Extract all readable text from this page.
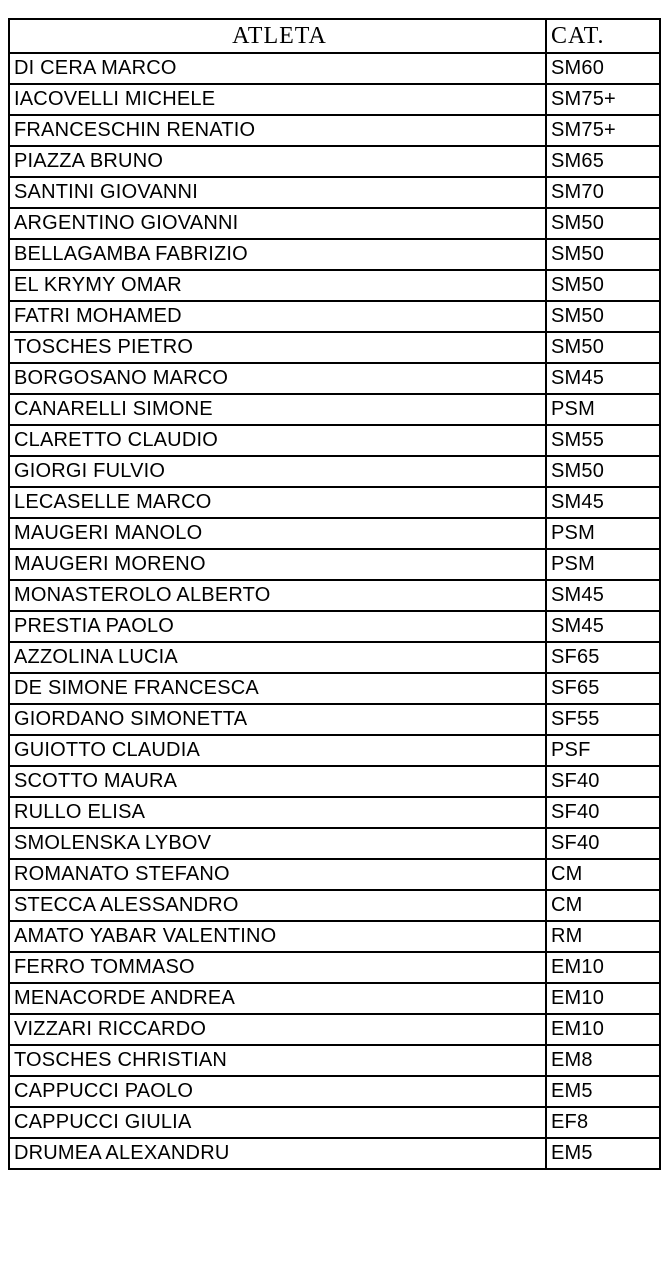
ATLETA	CAT.
DI CERA MARCO	SM60
IACOVELLI MICHELE	SM75+
FRANCESCHIN RENATIO	SM75+
PIAZZA BRUNO	SM65
SANTINI GIOVANNI	SM70
ARGENTINO GIOVANNI	SM50
BELLAGAMBA FABRIZIO	SM50
EL KRYMY OMAR	SM50
FATRI MOHAMED	SM50
TOSCHES PIETRO	SM50
BORGOSANO MARCO	SM45
CANARELLI SIMONE	PSM
CLARETTO CLAUDIO	SM55
GIORGI FULVIO	SM50
LECASELLE MARCO	SM45
MAUGERI MANOLO	PSM
MAUGERI MORENO	PSM
MONASTEROLO ALBERTO	SM45
PRESTIA PAOLO	SM45
AZZOLINA LUCIA	SF65
DE SIMONE FRANCESCA	SF65
GIORDANO SIMONETTA	SF55
GUIOTTO CLAUDIA	PSF
SCOTTO MAURA	SF40
RULLO ELISA	SF40
SMOLENSKA LYBOV	SF40
ROMANATO STEFANO	CM
STECCA ALESSANDRO	CM
AMATO YABAR VALENTINO	RM
FERRO TOMMASO	EM10
MENACORDE ANDREA	EM10
VIZZARI RICCARDO	EM10
TOSCHES CHRISTIAN	EM8
CAPPUCCI PAOLO	EM5
CAPPUCCI GIULIA	EF8
DRUMEA ALEXANDRU	EM5
